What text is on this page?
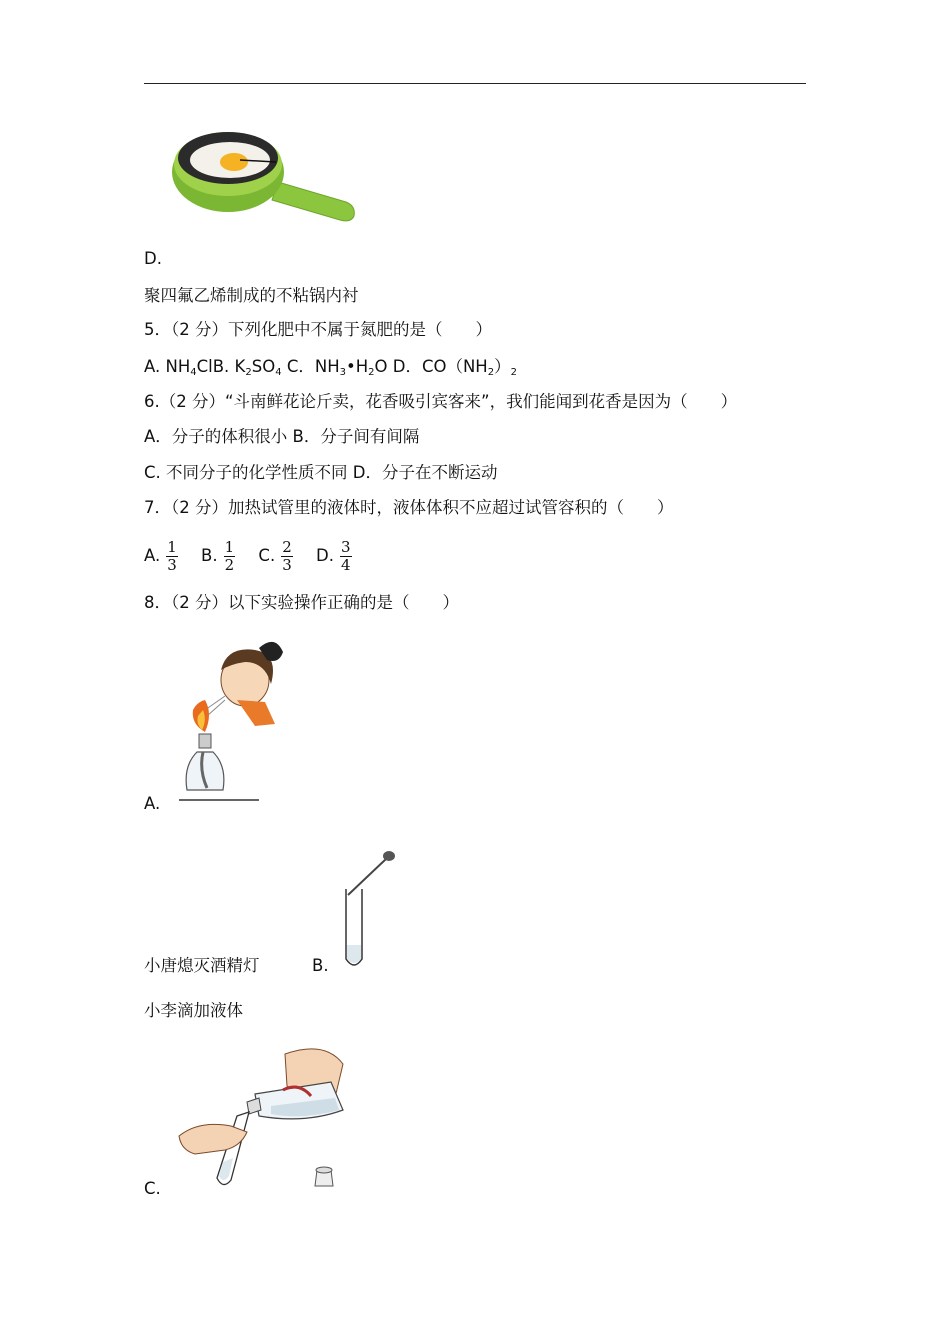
D.
聚四氟乙烯制成的不粘锅内衬
5．（2 分）下列化肥中不属于氮肥的是（　　）
A. $NH_4ClB$. $K_2SO_4$ C．$NH_3•H_2O$ D．$CO(NH_2)_2$
6.（2 分）“斗南鲜花论斤卖，花香吸引宾客来”，我们能闻到花香是因为（　　）
A．分子的体积很小 B．分子间有间隔
C. 不同分子的化学性质不同 D．分子在不断运动
7．（2 分）加热试管里的液体时，液体体积不应超过试管容积的（　　）
A. $\frac{1}{3} B$. $\frac{1}{2} C$. $\frac{2}{3} D$. $\frac{3}{4}$
8．（2 分）以下实验操作正确的是（　　）
A.
小唐熄灭酒精灯	B.
小李滴加液体
C.
